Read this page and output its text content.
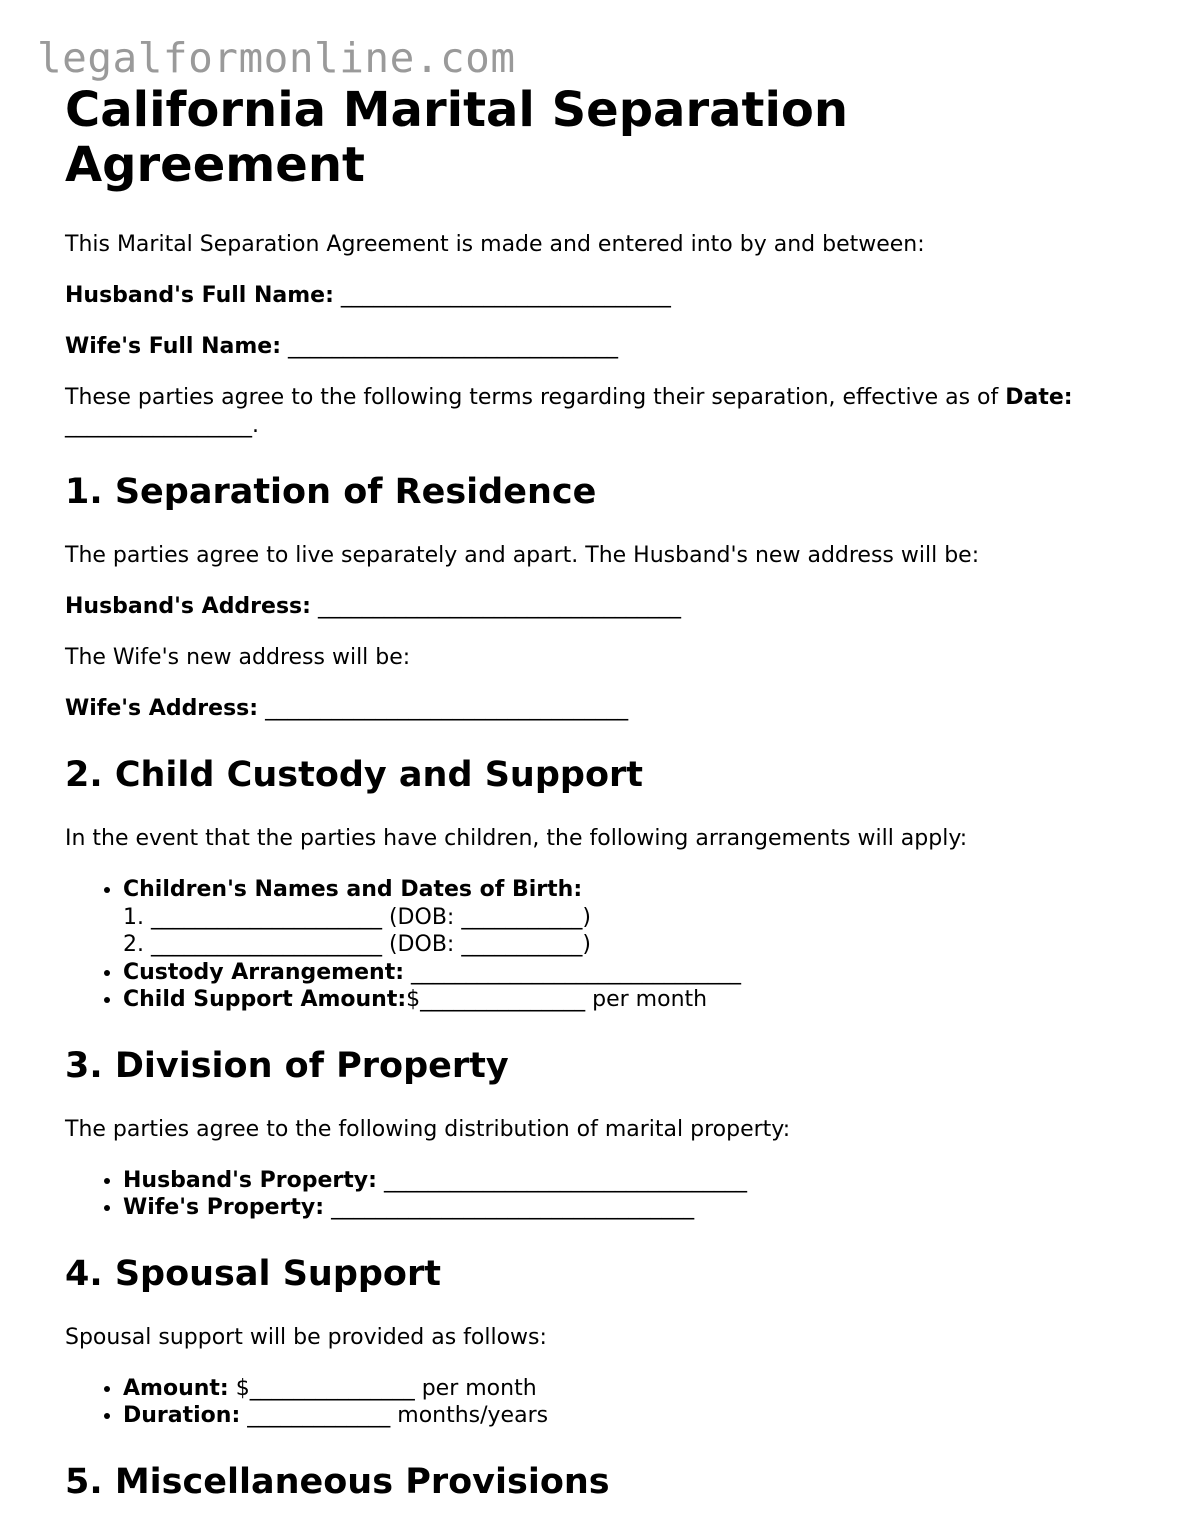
legalformonline.com
California Marital Separation Agreement

This Marital Separation Agreement is made and entered into by and between:

Husband's Full Name: ______________________________

Wife's Full Name: ______________________________

These parties agree to the following terms regarding their separation, effective as of Date: _________________.

1. Separation of Residence

The parties agree to live separately and apart. The Husband's new address will be:

Husband's Address: _________________________________

The Wife's new address will be:

Wife's Address: _________________________________

2. Child Custody and Support

In the event that the parties have children, the following arrangements will apply:

• Children's Names and Dates of Birth:
1. _____________________ (DOB: ___________)
2. _____________________ (DOB: ___________)
• Custody Arrangement: ______________________________
• Child Support Amount:$_______________ per month
3. Division of Property

The parties agree to the following distribution of marital property:

• Husband's Property: _________________________________
• Wife's Property: _________________________________
4. Spousal Support

Spousal support will be provided as follows:

• Amount: $_______________ per month
• Duration: _____________ months/years
5. Miscellaneous Provisions
